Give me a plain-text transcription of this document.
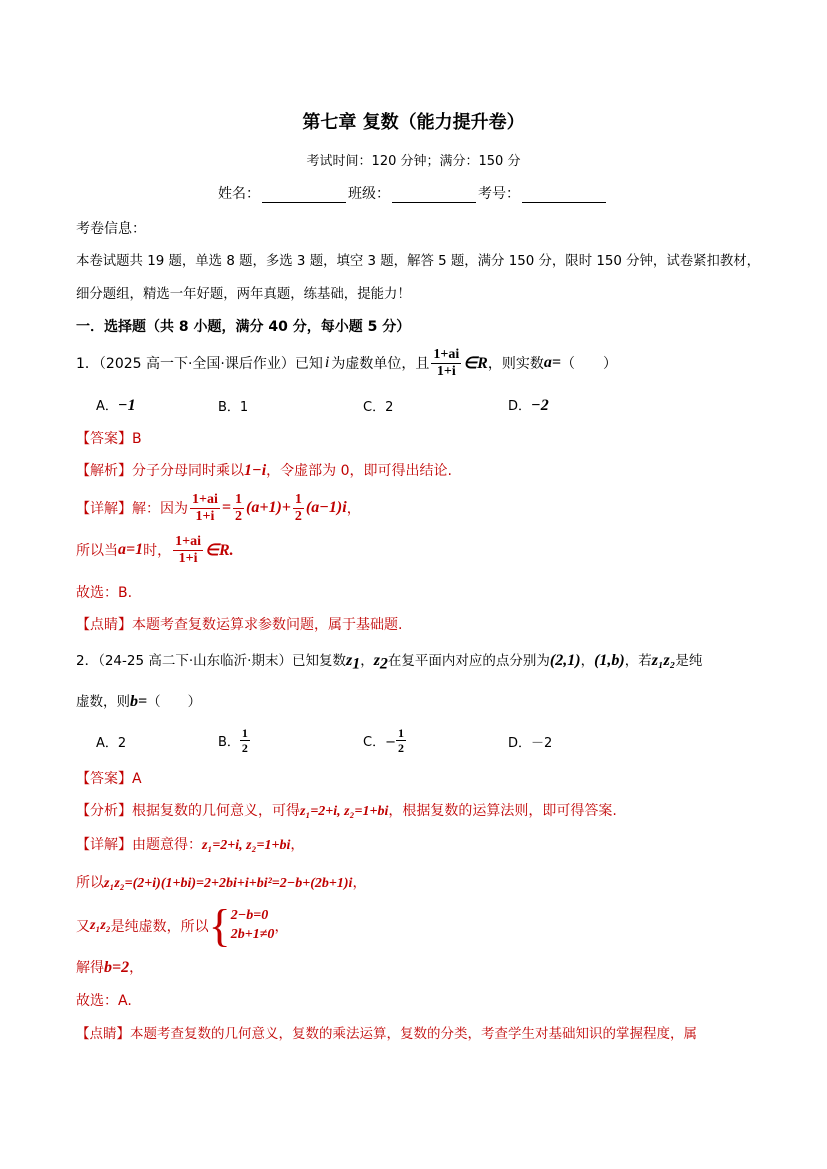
第七章 复数（能力提升卷）
考试时间：120 分钟；满分：150 分
姓名：	班级：	考号：
考卷信息：
本卷试题共 19 题，单选 8 题，多选 3 题，填空 3 题，解答 5 题，满分 150 分，限时 150 分钟，试卷紧扣教材，
细分题组，精选一年好题，两年真题，练基础，提能力！
一．选择题（共 8 小题，满分 40 分，每小题 5 分）
1．（2025 高一下·全国·课后作业）已知 i 为虚数单位，且 $\frac{1+ai}{1+i}$ ∈R ，则实数 a= （　　）
A．−1	B．1	C．2	D．−2
【答案】B
【解析】分子分母同时乘以1−i，令虚部为 0，即可得出结论.
【详解】 解：因为 $\frac{1+ai}{1+i} = \frac{1}{2} (a+1)+ \frac{1}{2} (a-1)i$ ，
所以当 a=1 时， $\frac{1+ai}{1+i}$ ∈R.
故选：B.
【点睛】本题考查复数运算求参数问题，属于基础题.
2．（24-25 高二下·山东临沂·期末）已知复数$z_1$，$z_2$在复平面内对应的点分别为(2,1)，(1,b)，若z₁z₂是纯
虚数，则b=（　　）
A．2	B． $\frac{1}{2}$	C．− $\frac{1}{2}$	D．－2
【答案】A
【分析】根据复数的几何意义，可得z₁=2+i, z₂=1+bi，根据复数的运算法则，即可得答案.
【详解】由题意得：z₁=2+i, z₂=1+bi，
所以z₁z₂=(2+i)(1+bi)=2+2bi+i+bi²=2−b+(2b+1)i，
又 z₁z₂ 是纯虚数，所以 { 2−b=0
2b+1≠0 ，
解得b=2，
故选：A.
【点睛】本题考查复数的几何意义，复数的乘法运算，复数的分类，考查学生对基础知识的掌握程度，属
